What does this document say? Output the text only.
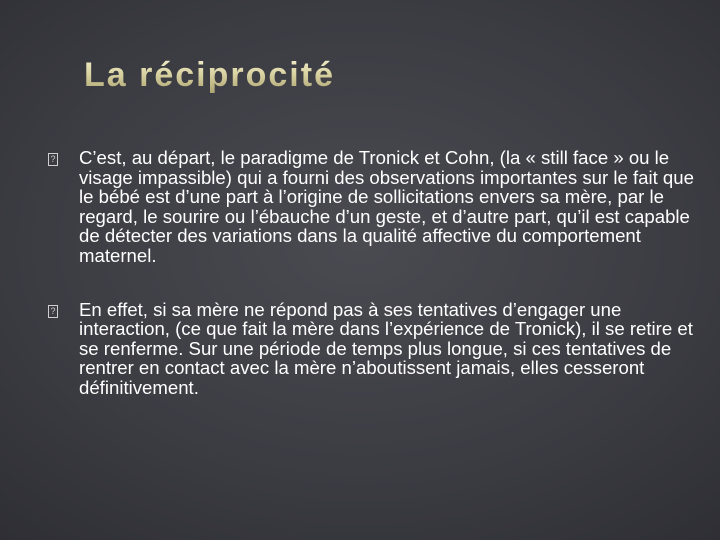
La réciprocité
? C’est, au départ, le paradigme de Tronick et Cohn, (la « still face » ou le visage impassible) qui a fourni des observations importantes sur le fait que le bébé est d’une part à l’origine de sollicitations envers sa mère, par le regard, le sourire ou l’ébauche d’un geste, et d’autre part, qu’il est capable de détecter des variations dans la qualité affective du comportement maternel.
? En effet, si sa mère ne répond pas à ses tentatives d’engager une interaction, (ce que fait la mère dans l’expérience de Tronick), il se retire et se renferme. Sur une période de temps plus longue, si ces tentatives de rentrer en contact avec la mère n’aboutissent jamais, elles cesseront définitivement.
